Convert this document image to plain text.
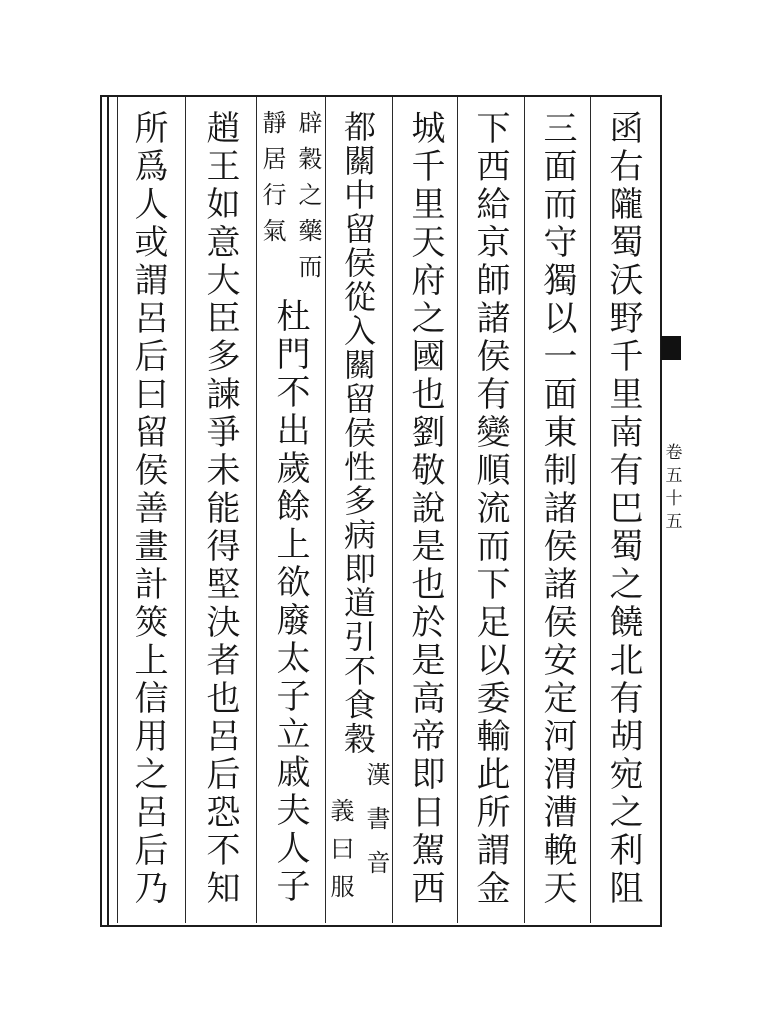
函右隴蜀沃野千里南有巴蜀之饒北有胡宛之利阻
三面而守獨以一面東制諸侯諸侯安定河渭漕輓天
下西給京師諸侯有變順流而下足以委輸此所謂金
城千里天府之國也劉敬說是也於是高帝即日駕西
都關中留侯從入關留侯性多病即道引不食穀
漢書音
義曰服
辟穀之藥而
靜居行氣
杜門不出歲餘上欲廢太子立戚夫人子
趙王如意大臣多諫爭未能得堅決者也呂后恐不知
所爲人或謂呂后曰留侯善畫計筴上信用之呂后乃	卷五十五
